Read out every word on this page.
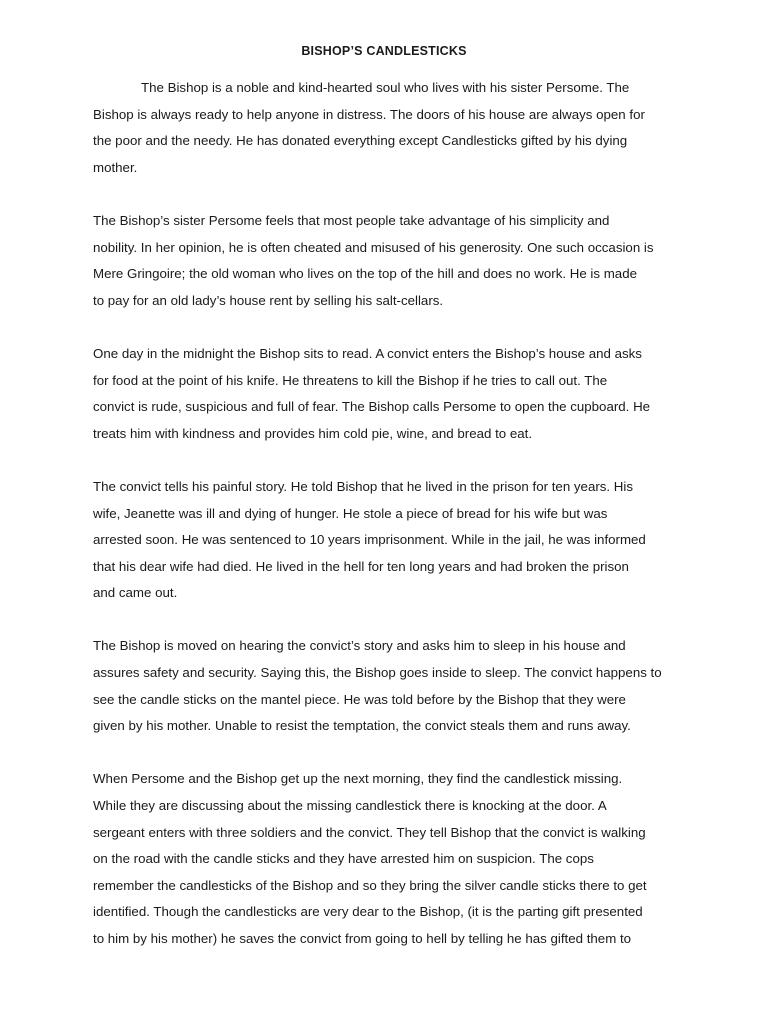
BISHOP’S CANDLESTICKS

The Bishop is a noble and kind-hearted soul who lives with his sister Persome. The
Bishop is always ready to help anyone in distress. The doors of his house are always open for
the poor and the needy. He has donated everything except Candlesticks gifted by his dying
mother.

The Bishop’s sister Persome feels that most people take advantage of his simplicity and
nobility. In her opinion, he is often cheated and misused of his generosity. One such occasion is
Mere Gringoire; the old woman who lives on the top of the hill and does no work. He is made
to pay for an old lady’s house rent by selling his salt-cellars.

One day in the midnight the Bishop sits to read. A convict enters the Bishop’s house and asks
for food at the point of his knife. He threatens to kill the Bishop if he tries to call out. The
convict is rude, suspicious and full of fear. The Bishop calls Persome to open the cupboard. He
treats him with kindness and provides him cold pie, wine, and bread to eat.

The convict tells his painful story. He told Bishop that he lived in the prison for ten years. His
wife, Jeanette was ill and dying of hunger. He stole a piece of bread for his wife but was
arrested soon. He was sentenced to 10 years imprisonment. While in the jail, he was informed
that his dear wife had died. He lived in the hell for ten long years and had broken the prison
and came out.

The Bishop is moved on hearing the convict’s story and asks him to sleep in his house and
assures safety and security. Saying this, the Bishop goes inside to sleep. The convict happens to
see the candle sticks on the mantel piece. He was told before by the Bishop that they were
given by his mother. Unable to resist the temptation, the convict steals them and runs away.

When Persome and the Bishop get up the next morning, they find the candlestick missing.
While they are discussing about the missing candlestick there is knocking at the door. A
sergeant enters with three soldiers and the convict. They tell Bishop that the convict is walking
on the road with the candle sticks and they have arrested him on suspicion. The cops
remember the candlesticks of the Bishop and so they bring the silver candle sticks there to get
identified. Though the candlesticks are very dear to the Bishop, (it is the parting gift presented
to him by his mother) he saves the convict from going to hell by telling he has gifted them to
